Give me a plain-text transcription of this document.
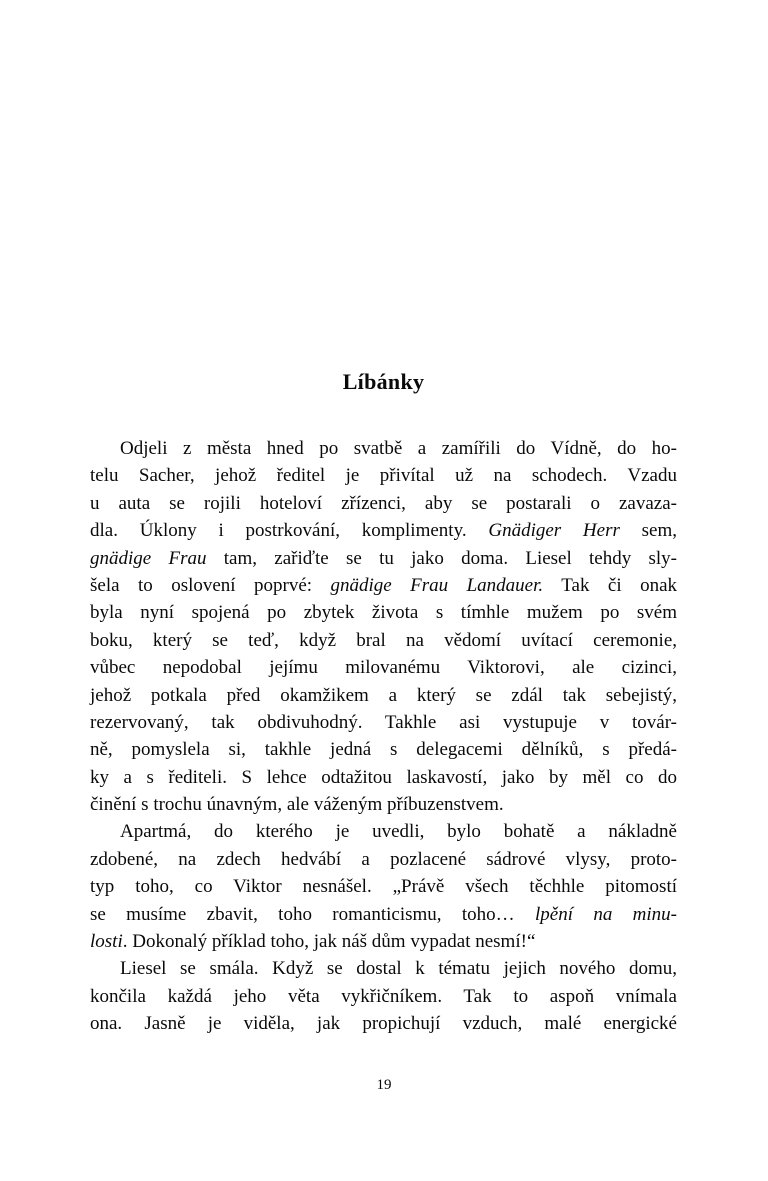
Líbánky
Odjeli z města hned po svatbě a zamířili do Vídně, do ho-
telu Sacher, jehož ředitel je přivítal už na schodech. Vzadu
u auta se rojili hoteloví zřízenci, aby se postarali o zavaza-
dla. Úklony i postrkování, komplimenty. Gnädiger Herr sem,
gnädige Frau tam, zařiďte se tu jako doma. Liesel tehdy sly-
šela to oslovení poprvé: gnädige Frau Landauer. Tak či onak
byla nyní spojená po zbytek života s tímhle mužem po svém
boku, který se teď, když bral na vědomí uvítací ceremonie,
vůbec nepodobal jejímu milovanému Viktorovi, ale cizinci,
jehož potkala před okamžikem a který se zdál tak sebejistý,
rezervovaný, tak obdivuhodný. Takhle asi vystupuje v továr-
ně, pomyslela si, takhle jedná s delegacemi dělníků, s předá-
ky a s řediteli. S lehce odtažitou laskavostí, jako by měl co do
činění s trochu únavným, ale váženým příbuzenstvem.
Apartmá, do kterého je uvedli, bylo bohatě a nákladně
zdobené, na zdech hedvábí a pozlacené sádrové vlysy, proto-
typ toho, co Viktor nesnášel. „Právě všech těchhle pitomostí
se musíme zbavit, toho romanticismu, toho… lpění na minu-
losti. Dokonalý příklad toho, jak náš dům vypadat nesmí!“
Liesel se smála. Když se dostal k tématu jejich nového domu,
končila každá jeho věta vykřičníkem. Tak to aspoň vnímala
ona. Jasně je viděla, jak propichují vzduch, malé energické
19
